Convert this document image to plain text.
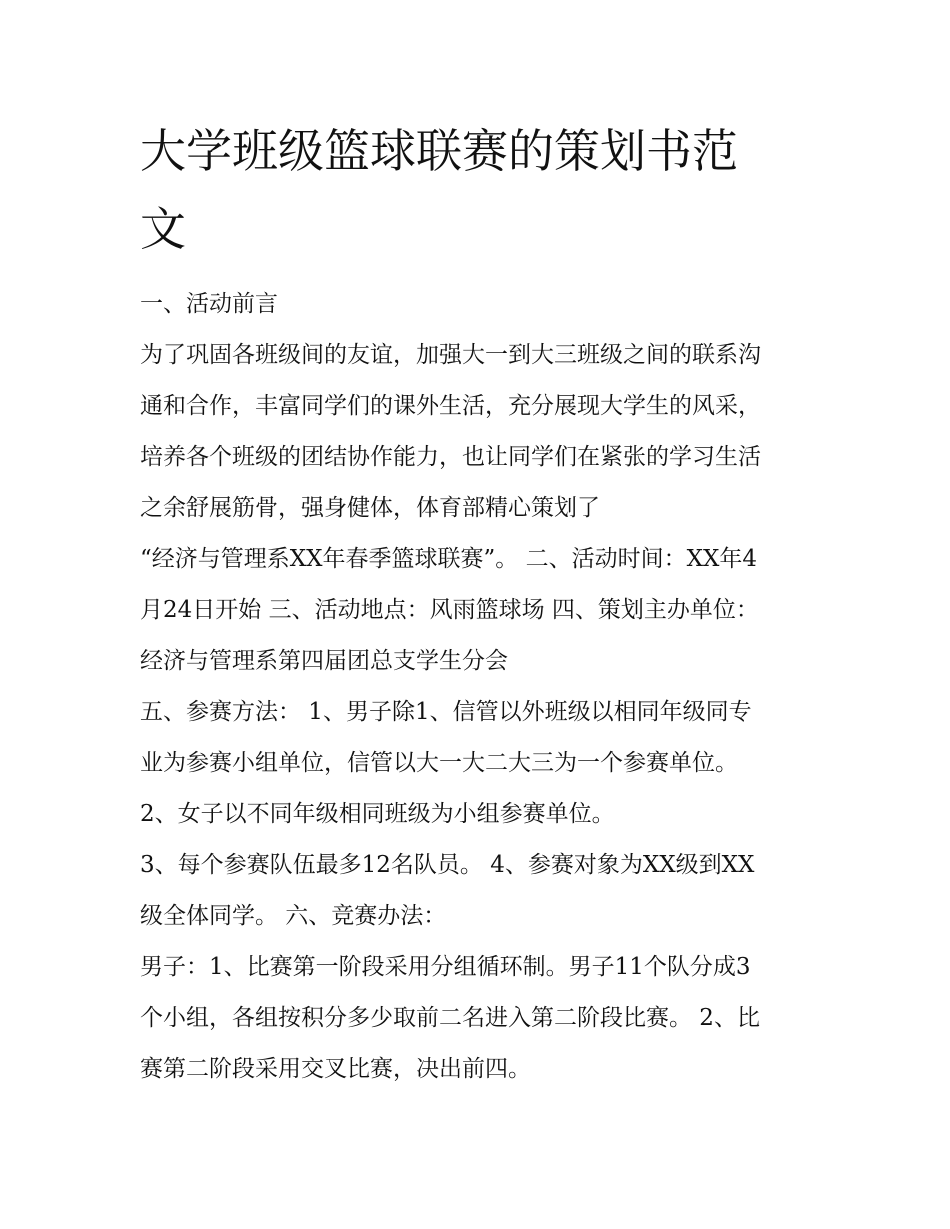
大学班级篮球联赛的策划书范
文

一、活动前言

为了巩固各班级间的友谊，加强大一到大三班级之间的联系沟

通和合作，丰富同学们的课外生活，充分展现大学生的风采，

培养各个班级的团结协作能力，也让同学们在紧张的学习生活

之余舒展筋骨，强身健体，体育部精心策划了

“经济与管理系XX年春季篮球联赛”。 二、活动时间：XX年4

月24日开始 三、活动地点：风雨篮球场 四、策划主办单位：

经济与管理系第四届团总支学生分会

五、参赛方法： 1、男子除1、信管以外班级以相同年级同专

业为参赛小组单位，信管以大一大二大三为一个参赛单位。

2、女子以不同年级相同班级为小组参赛单位。

3、每个参赛队伍最多12名队员。 4、参赛对象为XX级到XX

级全体同学。 六、竞赛办法：

男子：1、比赛第一阶段采用分组循环制。男子11个队分成3

个小组，各组按积分多少取前二名进入第二阶段比赛。 2、比

赛第二阶段采用交叉比赛，决出前四。
